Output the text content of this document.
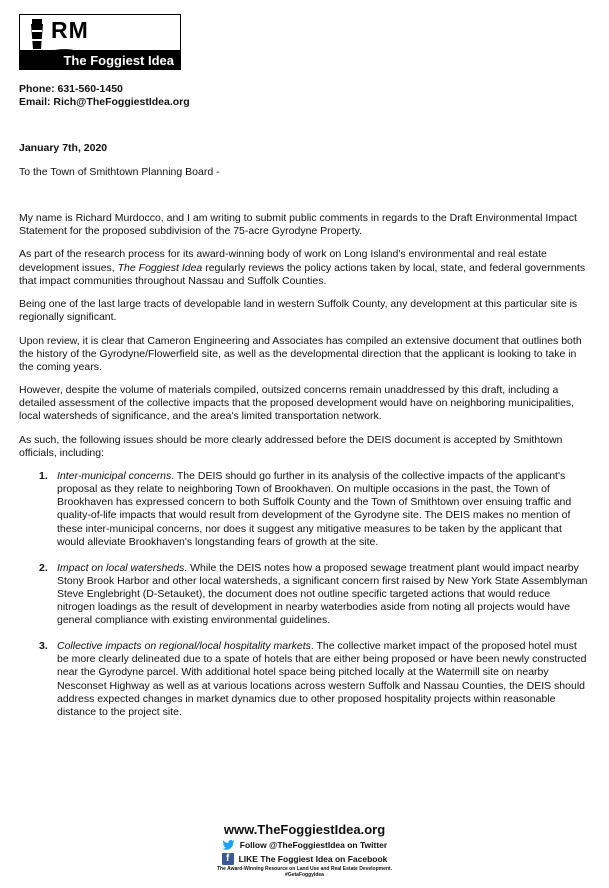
RM
The Foggiest Idea
Phone: 631-560-1450
Email: Rich@TheFoggiestIdea.org
January 7th, 2020
To the Town of Smithtown Planning Board -

My name is Richard Murdocco, and I am writing to submit public comments in regards to the Draft Environmental Impact Statement for the proposed subdivision of the 75-acre Gyrodyne Property.

As part of the research process for its award-winning body of work on Long Island's environmental and real estate development issues, The Foggiest Idea regularly reviews the policy actions taken by local, state, and federal governments that impact communities throughout Nassau and Suffolk Counties.

Being one of the last large tracts of developable land in western Suffolk County, any development at this particular site is regionally significant.

Upon review, it is clear that Cameron Engineering and Associates has compiled an extensive document that outlines both the history of the Gyrodyne/Flowerfield site, as well as the developmental direction that the applicant is looking to take in the coming years.

However, despite the volume of materials compiled, outsized concerns remain unaddressed by this draft, including a detailed assessment of the collective impacts that the proposed development would have on neighboring municipalities, local watersheds of significance, and the area's limited transportation network.

As such, the following issues should be more clearly addressed before the DEIS document is accepted by Smithtown officials, including:

1. Inter-municipal concerns. The DEIS should go further in its analysis of the collective impacts of the applicant's proposal as they relate to neighboring Town of Brookhaven. On multiple occasions in the past, the Town of Brookhaven has expressed concern to both Suffolk County and the Town of Smithtown over ensuing traffic and quality-of-life impacts that would result from development of the Gyrodyne site. The DEIS makes no mention of these inter-municipal concerns, nor does it suggest any mitigative measures to be taken by the applicant that would alleviate Brookhaven's longstanding fears of growth at the site.
2. Impact on local watersheds. While the DEIS notes how a proposed sewage treatment plant would impact nearby Stony Brook Harbor and other local watersheds, a significant concern first raised by New York State Assemblyman Steve Englebright (D-Setauket), the document does not outline specific targeted actions that would reduce nitrogen loadings as the result of development in nearby waterbodies aside from noting all projects would have general compliance with existing environmental guidelines.
3. Collective impacts on regional/local hospitality markets. The collective market impact of the proposed hotel must be more clearly delineated due to a spate of hotels that are either being proposed or have been newly constructed near the Gyrodyne parcel. With additional hotel space being pitched locally at the Watermill site on nearby Nesconset Highway as well as at various locations across western Suffolk and Nassau Counties, the DEIS should address expected changes in market dynamics due to other proposed hospitality projects within reasonable distance to the project site.
www.TheFoggiestIdea.org
Follow @TheFoggiestIdea on Twitter
f	LIKE The Foggiest Idea on Facebook
The Award-Winning Resource on Land Use and Real Estate Development.
#GetaFoggyIdea
